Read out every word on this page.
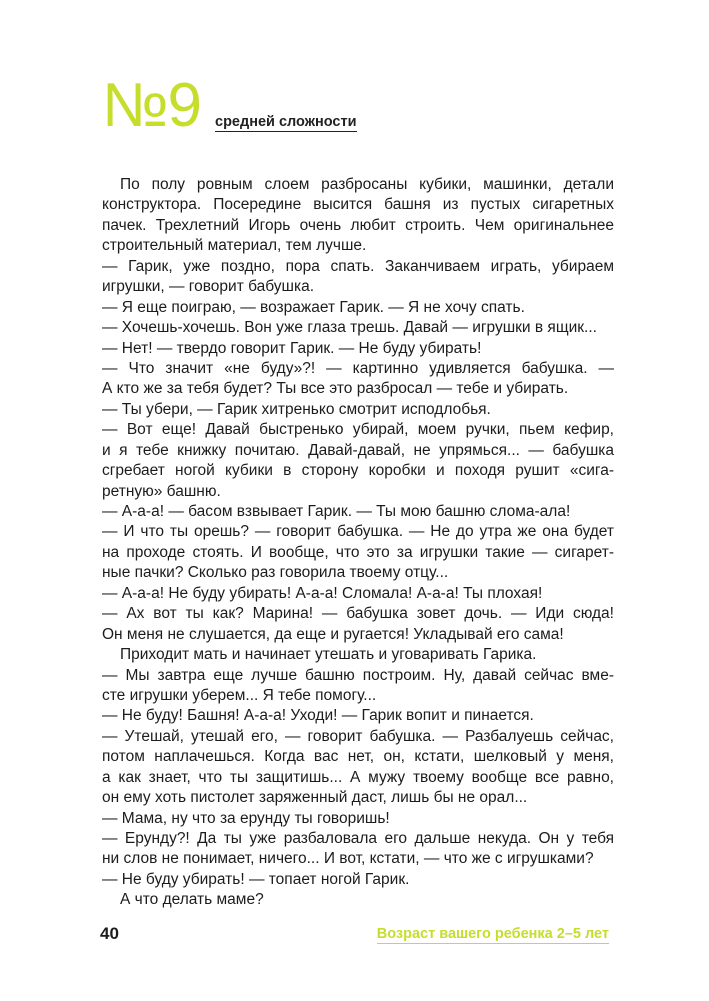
№9 средней сложности
По полу ровным слоем разбросаны кубики, машинки, детали
конструктора. Посередине высится башня из пустых сигаретных
пачек. Трехлетний Игорь очень любит строить. Чем оригинальнее
строительный материал, тем лучше.
— Гарик, уже поздно, пора спать. Заканчиваем играть, убираем
игрушки, — говорит бабушка.
— Я еще поиграю, — возражает Гарик. — Я не хочу спать.
— Хочешь-хочешь. Вон уже глаза трешь. Давай — игрушки в ящик...
— Нет! — твердо говорит Гарик. — Не буду убирать!
— Что значит «не буду»?! — картинно удивляется бабушка. —
А кто же за тебя будет? Ты все это разбросал — тебе и убирать.
— Ты убери, — Гарик хитренько смотрит исподлобья.
— Вот еще! Давай быстренько убирай, моем ручки, пьем кефир,
и я тебе книжку почитаю. Давай-давай, не упрямься... — бабушка
сгребает ногой кубики в сторону коробки и походя рушит «сига-
ретную» башню.
— А-а-а! — басом взвывает Гарик. — Ты мою башню слома-ала!
— И что ты орешь? — говорит бабушка. — Не до утра же она будет
на проходе стоять. И вообще, что это за игрушки такие — сигарет-
ные пачки? Сколько раз говорила твоему отцу...
— А-а-а! Не буду убирать! А-а-а! Сломала! А-а-а! Ты плохая!
— Ах вот ты как? Марина! — бабушка зовет дочь. — Иди сюда!
Он меня не слушается, да еще и ругается! Укладывай его сама!
Приходит мать и начинает утешать и уговаривать Гарика.
— Мы завтра еще лучше башню построим. Ну, давай сейчас вме-
сте игрушки уберем... Я тебе помогу...
— Не буду! Башня! А-а-а! Уходи! — Гарик вопит и пинается.
— Утешай, утешай его, — говорит бабушка. — Разбалуешь сейчас,
потом наплачешься. Когда вас нет, он, кстати, шелковый у меня,
а как знает, что ты защитишь... А мужу твоему вообще все равно,
он ему хоть пистолет заряженный даст, лишь бы не орал...
— Мама, ну что за ерунду ты говоришь!
— Ерунду?! Да ты уже разбаловала его дальше некуда. Он у тебя
ни слов не понимает, ничего... И вот, кстати, — что же с игрушками?
— Не буду убирать! — топает ногой Гарик.
А что делать маме?
40	Возраст вашего ребенка 2–5 лет
